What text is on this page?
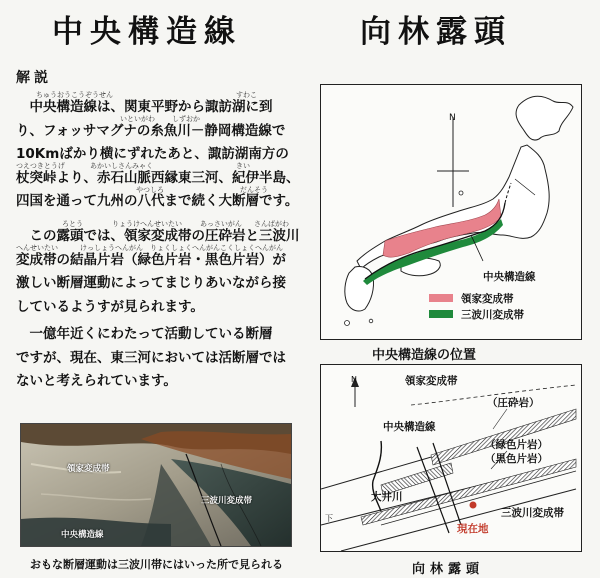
中央構造線	向林露頭
解説
ちゅうおうこうぞうせん	すわこ
いといがわ しずおか
つえつきとうげ	あかいしさんみゃく	きい
やつしろ	だんそう
ろとう	りょうけへんせいたい	あっさいがん さんばがわ
へんせいたい	けっしょうへんがん りょくしょくへんがん こくしょくへんがん
　中央構造線は、関東平野から諏訪湖に到
り、フォッサマグナの糸魚川－静岡構造線で
10Kmばかり横にずれたあと、諏訪湖南方の
杖突峠より、赤石山脈西縁東三河、紀伊半島、
四国を通って九州の八代まで続く大断層です。
　この露頭では、領家変成帯の圧砕岩と三波川
変成帯の結晶片岩（緑色片岩・黒色片岩）が
激しい断層運動によってまじりあいながら接
しているようすが見られます。
　一億年近くにわたって活動している断層
ですが、現在、東三河においては活断層では
ないと考えられています。
領家変成帯
三波川変成帯
中央構造線
おもな断層運動は三波川帯にはいった所で見られる
N
中央構造線
領家変成帯
三波川変成帯
中央構造線の位置
N	領家変成帯
中央構造線
（圧砕岩）
（緑色片岩）
（黒色片岩）
大井川
三波川変成帯
現在地
下
向林露頭
